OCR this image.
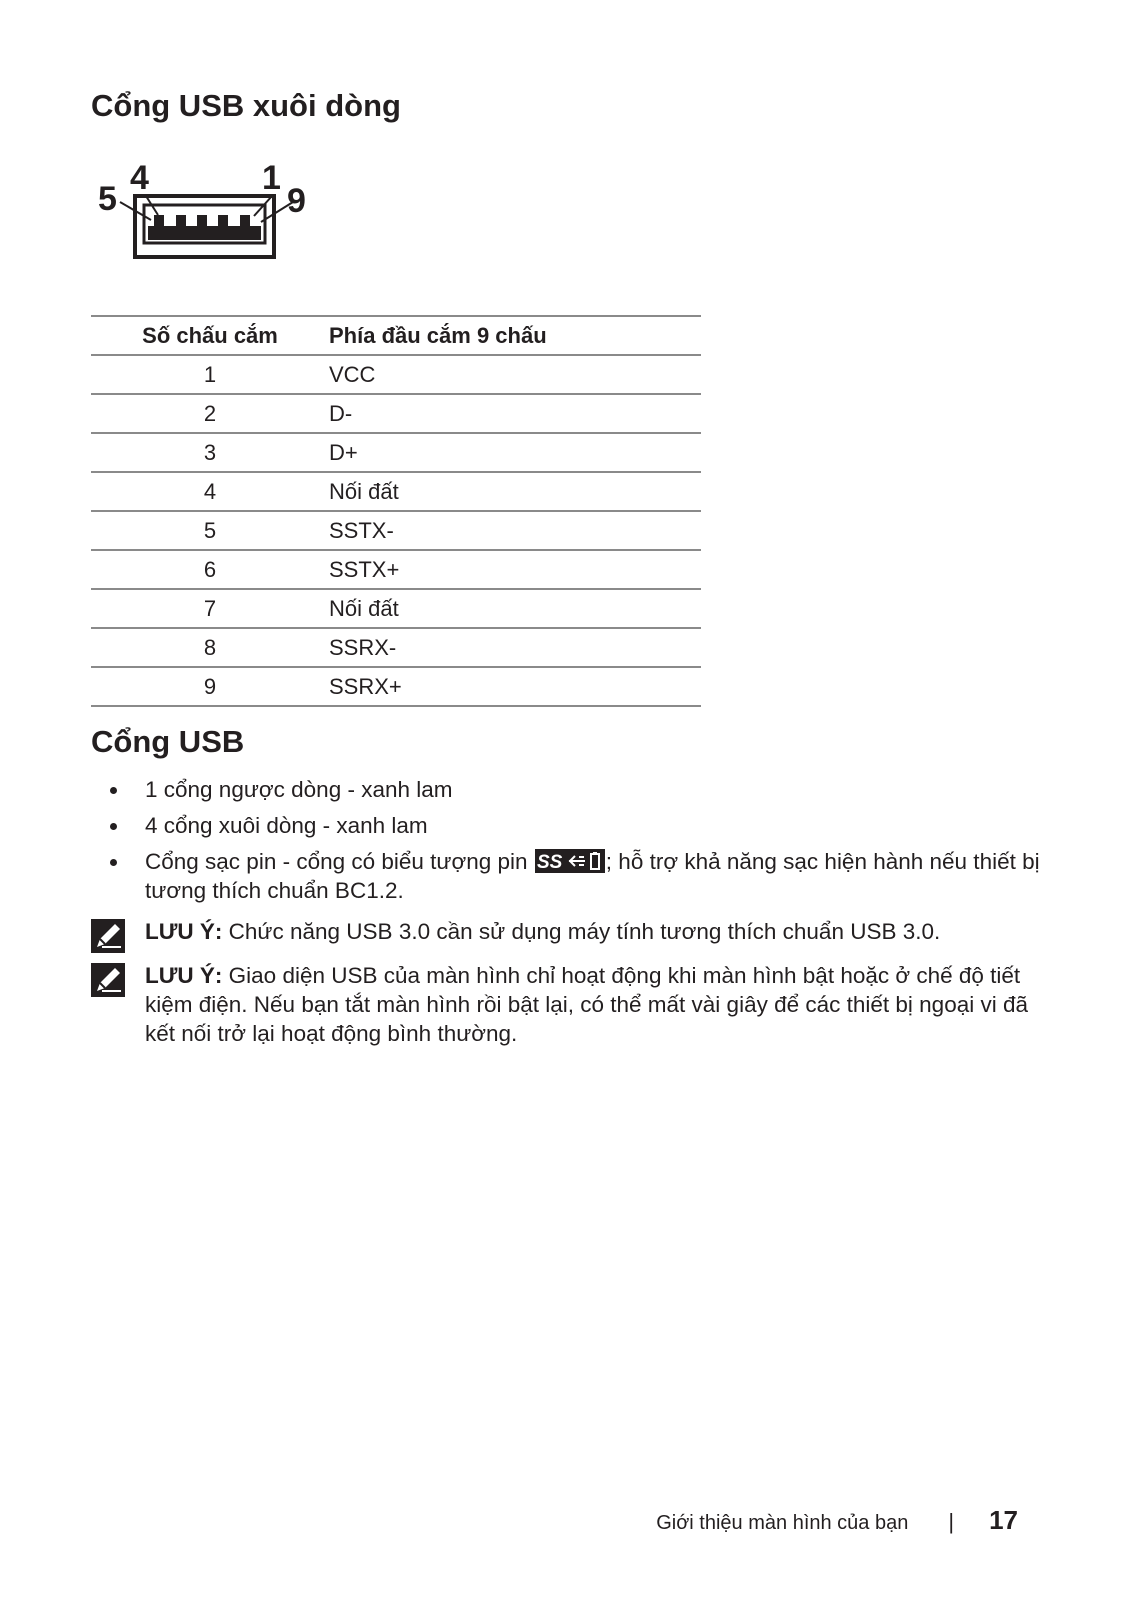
Cổng USB xuôi dòng
5
4	1
9
Số chấu cắm	Phía đầu cắm 9 chấu
1	VCC
2	D-
3	D+
4	Nối đất
5	SSTX-
6	SSTX+
7	Nối đất
8	SSRX-
9	SSRX+
Cổng USB
1 cổng ngược dòng - xanh lam
4 cổng xuôi dòng - xanh lam
Cổng sạc pin - cổng có biểu tượng pin SS ; hỗ trợ khả năng sạc hiện hành nếu thiết bị tương thích chuẩn BC1.2.
LƯU Ý: Chức năng USB 3.0 cần sử dụng máy tính tương thích chuẩn USB 3.0.
LƯU Ý: Giao diện USB của màn hình chỉ hoạt động khi màn hình bật hoặc ở chế độ tiết kiệm điện. Nếu bạn tắt màn hình rồi bật lại, có thể mất vài giây để các thiết bị ngoại vi đã kết nối trở lại hoạt động bình thường.
Giới thiệu màn hình của bạn | 17
